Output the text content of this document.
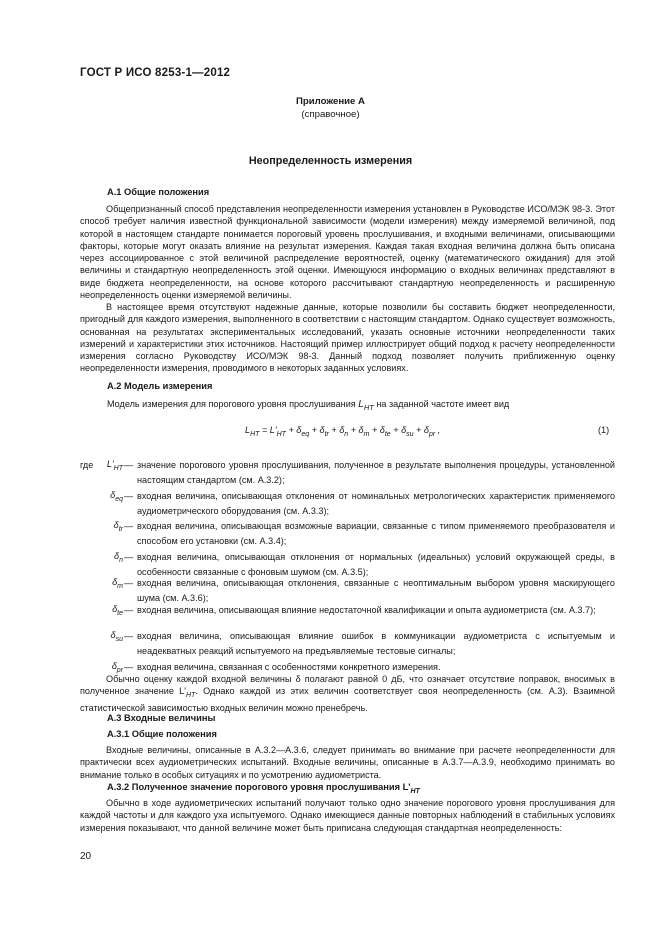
ГОСТ Р ИСО 8253-1—2012
Приложение А
(справочное)
Неопределенность измерения
А.1 Общие положения
Общепризнанный способ представления неопределенности измерения установлен в Руководстве ИСО/МЭК 98-3. Этот способ требует наличия известной функциональной зависимости (модели измерения) между измеряемой величиной, под которой в настоящем стандарте понимается пороговый уровень прослушивания, и входными величинами, описывающими факторы, которые могут оказать влияние на результат измерения. Каждая такая входная величина должна быть описана через ассоциированное с этой величиной распределение вероятностей, оценку (математического ожидания) для этой величины и стандартную неопределенность этой оценки. Имеющуюся информацию о входных величинах представляют в виде бюджета неопределенности, на основе которого рассчитывают стандартную неопределенность и расширенную неопределенность оценки измеряемой величины.
В настоящее время отсутствуют надежные данные, которые позволили бы составить бюджет неопределенности, пригодный для каждого измерения, выполненного в соответствии с настоящим стандартом. Однако существует возможность, основанная на результатах экспериментальных исследований, указать основные источники неопределенности таких измерений и характеристики этих источников. Настоящий пример иллюстрирует общий подход к расчету неопределенности измерения согласно Руководству ИСО/МЭК 98-3. Данный подход позволяет получить приближенную оценку неопределенности измерения, проводимого в некоторых заданных условиях.
А.2 Модель измерения
Модель измерения для порогового уровня прослушивания $L_{HT}$ на заданной частоте имеет вид
$L_{HT} = L'_{HT} + \delta_{eq} + \delta_{tr} + \delta_n + \delta_m + \delta_{te} + \delta_{su} + \delta_{pr}$ ,	(1)
где	$L'_{HT}$ — значение порогового уровня прослушивания, полученное в результате выполнения процедуры, установленной настоящим стандартом (см. А.3.2);
$\delta_{eq}$ — входная величина, описывающая отклонения от номинальных метрологических характеристик применяемого аудиометрического оборудования (см. А.3.3);
$\delta_{tr}$ — входная величина, описывающая возможные вариации, связанные с типом применяемого преобразователя и способом его установки (см. А.3.4);
$\delta_n$ — входная величина, описывающая отклонения от нормальных (идеальных) условий окружающей среды, в особенности связанные с фоновым шумом (см. А.3.5);
$\delta_m$ — входная величина, описывающая отклонения, связанные с неоптимальным выбором уровня маскирующего шума (см. А.3.6);
$\delta_{te}$ — входная величина, описывающая влияние недостаточной квалификации и опыта аудиометриста (см. А.3.7);
$\delta_{su}$ — входная величина, описывающая влияние ошибок в коммуникации аудиометриста с испытуемым и неадекватных реакций испытуемого на предъявляемые тестовые сигналы;
$\delta_{pr}$ — входная величина, связанная с особенностями конкретного измерения.
Обычно оценку каждой входной величины δ полагают равной 0 дБ, что означает отсутствие поправок, вносимых в полученное значение $L'_{HT}$. Однако каждой из этих величин соответствует своя неопределенность (см. А.3). Взаимной статистической зависимостью входных величин можно пренебречь.
А.3 Входные величины
А.3.1 Общие положения
Входные величины, описанные в А.3.2—А.3.6, следует принимать во внимание при расчете неопределенности для практически всех аудиометрических испытаний. Входные величины, описанные в А.3.7—А.3.9, необходимо принимать во внимание только в особых ситуациях и по усмотрению аудиометриста.
А.3.2 Полученное значение порогового уровня прослушивания $L'_{HT}$
Обычно в ходе аудиометрических испытаний получают только одно значение порогового уровня прослушивания для каждой частоты и для каждого уха испытуемого. Однако имеющиеся данные повторных наблюдений в стабильных условиях измерения показывают, что данной величине может быть приписана следующая стандартная неопределенность:
20
